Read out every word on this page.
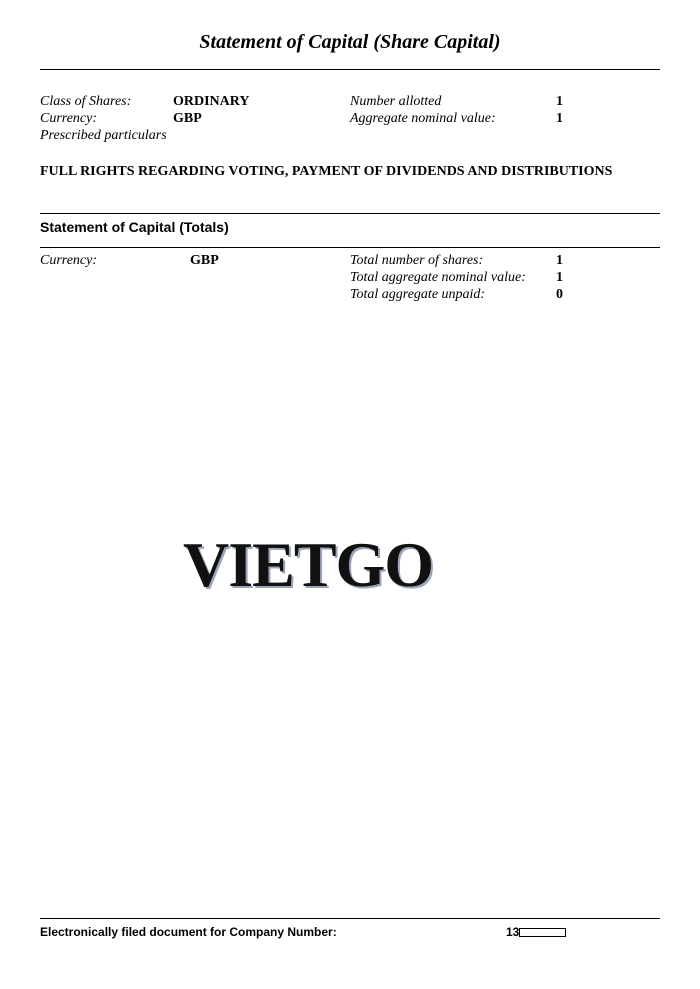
Statement of Capital (Share Capital)
Class of Shares:	ORDINARY	Number allotted	1
Currency:	GBP	Aggregate nominal value:	1
Prescribed particulars
FULL RIGHTS REGARDING VOTING, PAYMENT OF DIVIDENDS AND DISTRIBUTIONS
Statement of Capital (Totals)
Currency:	GBP	Total number of shares:	1
Total aggregate nominal value: 1
Total aggregate unpaid:	0
VIETGO
Electronically filed document for Company Number:	13
